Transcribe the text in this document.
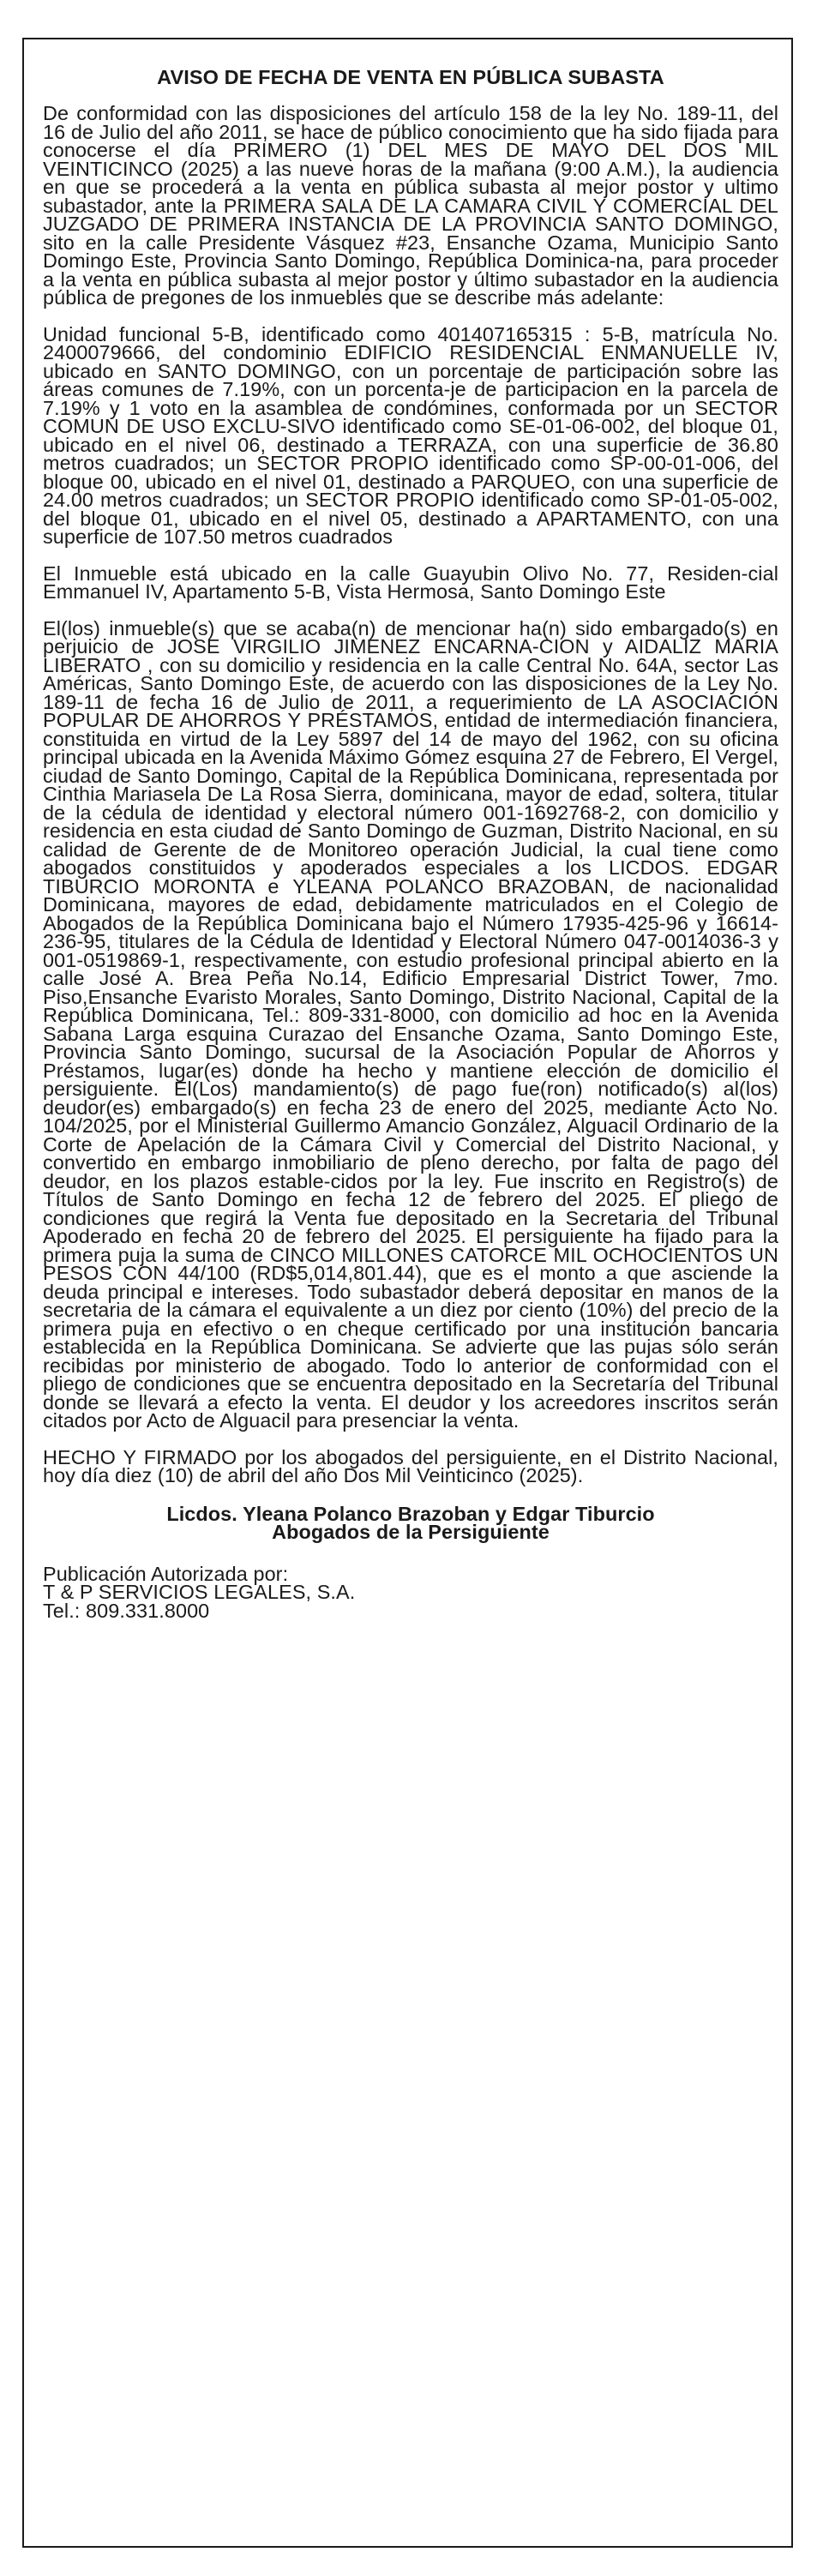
AVISO DE FECHA DE VENTA EN PÚBLICA SUBASTA
De conformidad con las disposiciones del artículo 158 de la ley No. 189-11, del 16 de Julio del año 2011, se hace de público conocimiento que ha sido fijada para conocerse el día PRIMERO (1) DEL MES DE MAYO DEL DOS MIL VEINTICINCO (2025) a las nueve horas de la mañana (9:00 A.M.), la audiencia en que se procederá a la venta en pública subasta al mejor postor y ultimo subastador, ante la PRIMERA SALA DE LA CAMARA CIVIL Y COMERCIAL DEL JUZGADO DE PRIMERA INSTANCIA DE LA PROVINCIA SANTO DOMINGO, sito en la calle Presidente Vásquez #23, Ensanche Ozama, Municipio Santo Domingo Este, Provincia Santo Domingo, República Dominica-na, para proceder a la venta en pública subasta al mejor postor y último subastador en la audiencia pública de pregones de los inmuebles que se describe más adelante:
Unidad funcional 5-B, identificado como 401407165315 : 5-B, matrícula No. 2400079666, del condominio EDIFICIO RESIDENCIAL ENMANUELLE IV, ubicado en SANTO DOMINGO, con un porcentaje de participación sobre las áreas comunes de 7.19%, con un porcenta-je de participacion en la parcela de 7.19% y 1 voto en la asamblea de condómines, conformada por un SECTOR COMUN DE USO EXCLU-SIVO identificado como SE-01-06-002, del bloque 01, ubicado en el nivel 06, destinado a TERRAZA, con una superficie de 36.80 metros cuadrados; un SECTOR PROPIO identificado como SP-00-01-006, del bloque 00, ubicado en el nivel 01, destinado a PARQUEO, con una superficie de 24.00 metros cuadrados; un SECTOR PROPIO identificado como SP-01-05-002, del bloque 01, ubicado en el nivel 05, destinado a APARTAMENTO, con una superficie de 107.50 metros cuadrados
El Inmueble está ubicado en la calle Guayubin Olivo No. 77, Residen-cial Emmanuel IV, Apartamento 5-B, Vista Hermosa, Santo Domingo Este
El(los) inmueble(s) que se acaba(n) de mencionar ha(n) sido embargado(s) en perjuicio de JOSE VIRGILIO JIMENEZ ENCARNA-CION y AIDALIZ MARIA LIBERATO , con su domicilio y residencia en la calle Central No. 64A, sector Las Américas, Santo Domingo Este, de acuerdo con las disposiciones de la Ley No. 189-11 de fecha 16 de Julio de 2011, a requerimiento de LA ASOCIACIÓN POPULAR DE AHORROS Y PRÉSTAMOS, entidad de intermediación financiera, constituida en virtud de la Ley 5897 del 14 de mayo del 1962, con su oficina principal ubicada en la Avenida Máximo Gómez esquina 27 de Febrero, El Vergel, ciudad de Santo Domingo, Capital de la República Dominicana, representada por Cinthia Mariasela De La Rosa Sierra, dominicana, mayor de edad, soltera, titular de la cédula de identidad y electoral número 001-1692768-2, con domicilio y residencia en esta ciudad de Santo Domingo de Guzman, Distrito Nacional, en su calidad de Gerente de de Monitoreo operación Judicial, la cual tiene como abogados constituidos y apoderados especiales a los LICDOS. EDGAR TIBURCIO MORONTA e YLEANA POLANCO BRAZOBAN, de nacionalidad Dominicana, mayores de edad, debidamente matriculados en el Colegio de Abogados de la República Dominicana bajo el Número 17935-425-96 y 16614-236-95, titulares de la Cédula de Identidad y Electoral Número 047-0014036-3 y 001-0519869-1, respectivamente, con estudio profesional principal abierto en la calle José A. Brea Peña No.14, Edificio Empresarial District Tower, 7mo. Piso,Ensanche Evaristo Morales, Santo Domingo, Distrito Nacional, Capital de la República Dominicana, Tel.: 809-331-8000, con domicilio ad hoc en la Avenida Sabana Larga esquina Curazao del Ensanche Ozama, Santo Domingo Este, Provincia Santo Domingo, sucursal de la Asociación Popular de Ahorros y Préstamos, lugar(es) donde ha hecho y mantiene elección de domicilio el persiguiente. El(Los) mandamiento(s) de pago fue(ron) notificado(s) al(los) deudor(es) embargado(s) en fecha 23 de enero del 2025, mediante Acto No. 104/2025, por el Ministerial Guillermo Amancio González, Alguacil Ordinario de la Corte de Apelación de la Cámara Civil y Comercial del Distrito Nacional, y convertido en embargo inmobiliario de pleno derecho, por falta de pago del deudor, en los plazos estable-cidos por la ley. Fue inscrito en Registro(s) de Títulos de Santo Domingo en fecha 12 de febrero del 2025. El pliego de condiciones que regirá la Venta fue depositado en la Secretaria del Tribunal Apoderado en fecha 20 de febrero del 2025. El persiguiente ha fijado para la primera puja la suma de CINCO MILLONES CATORCE MIL OCHOCIENTOS UN PESOS CON 44/100 (RD$5,014,801.44), que es el monto a que asciende la deuda principal e intereses. Todo subastador deberá depositar en manos de la secretaria de la cámara el equivalente a un diez por ciento (10%) del precio de la primera puja en efectivo o en cheque certificado por una institución bancaria establecida en la República Dominicana. Se advierte que las pujas sólo serán recibidas por ministerio de abogado. Todo lo anterior de conformidad con el pliego de condiciones que se encuentra depositado en la Secretaría del Tribunal donde se llevará a efecto la venta. El deudor y los acreedores inscritos serán citados por Acto de Alguacil para presenciar la venta.
HECHO Y FIRMADO por los abogados del persiguiente, en el Distrito Nacional, hoy día diez (10) de abril del año Dos Mil Veinticinco (2025).
Licdos. Yleana Polanco Brazoban y Edgar Tiburcio
Abogados de la Persiguiente
Publicación Autorizada por:
T & P SERVICIOS LEGALES, S.A.
Tel.: 809.331.8000
